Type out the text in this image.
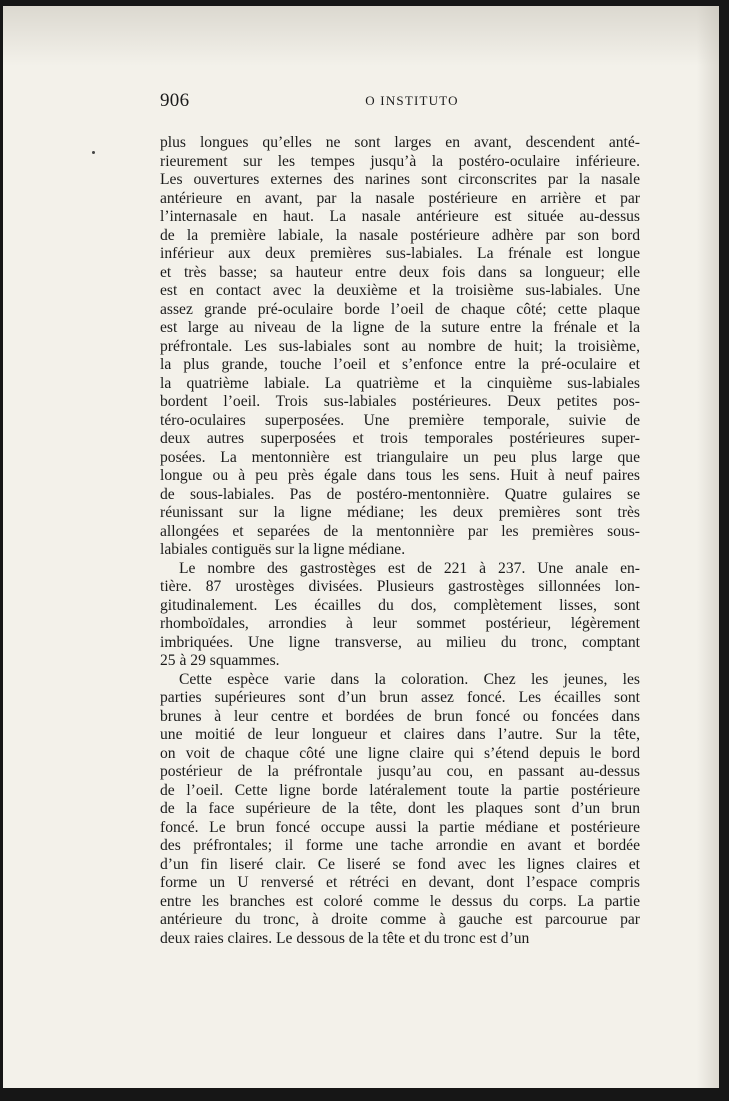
906	O INSTITUTO
plus longues qu’elles ne sont larges en avant, descendent anté-
rieurement sur les tempes jusqu’à la postéro-oculaire inférieure.
Les ouvertures externes des narines sont circonscrites par la nasale
antérieure en avant, par la nasale postérieure en arrière et par
l’internasale en haut. La nasale antérieure est située au-dessus
de la première labiale, la nasale postérieure adhère par son bord
inférieur aux deux premières sus-labiales. La frénale est longue
et très basse; sa hauteur entre deux fois dans sa longueur; elle
est en contact avec la deuxième et la troisième sus-labiales. Une
assez grande pré-oculaire borde l’oeil de chaque côté; cette plaque
est large au niveau de la ligne de la suture entre la frénale et la
préfrontale. Les sus-labiales sont au nombre de huit; la troisième,
la plus grande, touche l’oeil et s’enfonce entre la pré-oculaire et
la quatrième labiale. La quatrième et la cinquième sus-labiales
bordent l’oeil. Trois sus-labiales postérieures. Deux petites pos-
téro-oculaires superposées. Une première temporale, suivie de
deux autres superposées et trois temporales postérieures super-
posées. La mentonnière est triangulaire un peu plus large que
longue ou à peu près égale dans tous les sens. Huit à neuf paires
de sous-labiales. Pas de postéro-mentonnière. Quatre gulaires se
réunissant sur la ligne médiane; les deux premières sont très
allongées et separées de la mentonnière par les premières sous-
labiales contiguës sur la ligne médiane.
Le nombre des gastrostèges est de 221 à 237. Une anale en-
tière. 87 urostèges divisées. Plusieurs gastrostèges sillonnées lon-
gitudinalement. Les écailles du dos, complètement lisses, sont
rhomboïdales, arrondies à leur sommet postérieur, légèrement
imbriquées. Une ligne transverse, au milieu du tronc, comptant
25 à 29 squammes.
Cette espèce varie dans la coloration. Chez les jeunes, les
parties supérieures sont d’un brun assez foncé. Les écailles sont
brunes à leur centre et bordées de brun foncé ou foncées dans
une moitié de leur longueur et claires dans l’autre. Sur la tête,
on voit de chaque côté une ligne claire qui s’étend depuis le bord
postérieur de la préfrontale jusqu’au cou, en passant au-dessus
de l’oeil. Cette ligne borde latéralement toute la partie postérieure
de la face supérieure de la tête, dont les plaques sont d’un brun
foncé. Le brun foncé occupe aussi la partie médiane et postérieure
des préfrontales; il forme une tache arrondie en avant et bordée
d’un fin liseré clair. Ce liseré se fond avec les lignes claires et
forme un U renversé et rétréci en devant, dont l’espace compris
entre les branches est coloré comme le dessus du corps. La partie
antérieure du tronc, à droite comme à gauche est parcourue par
deux raies claires. Le dessous de la tête et du tronc est d’un
